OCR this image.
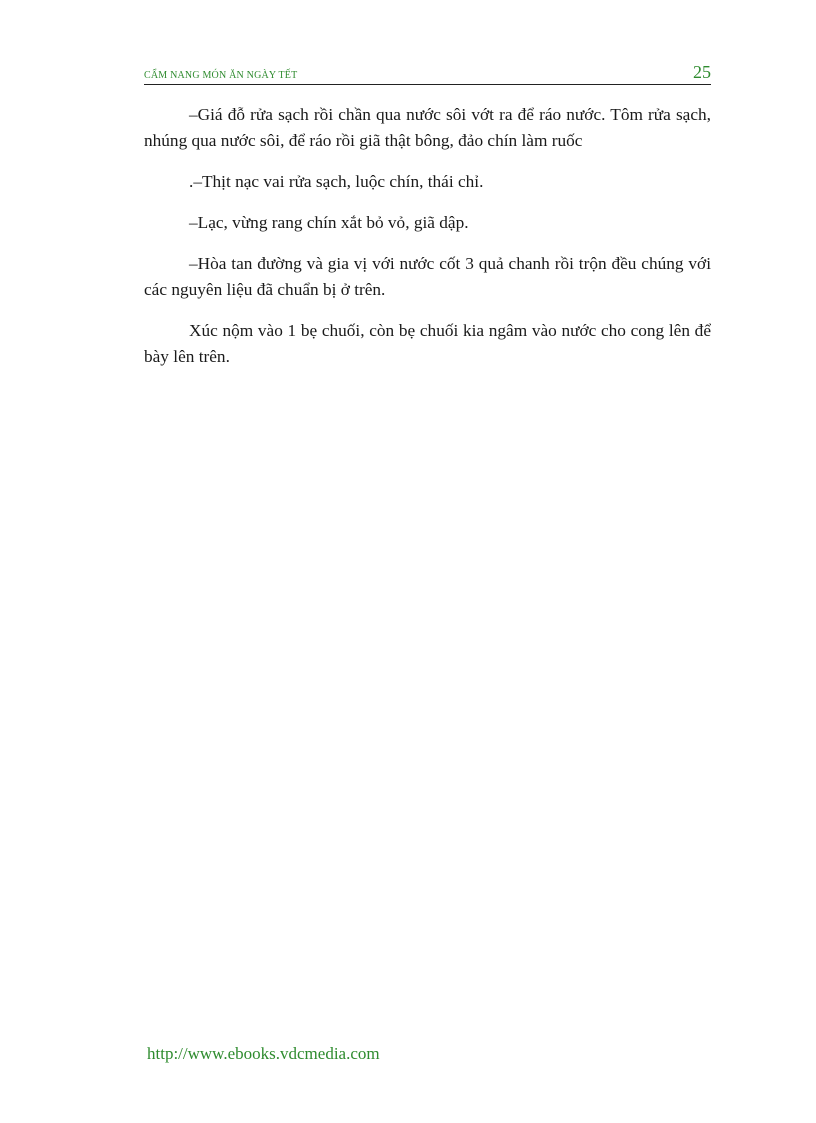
CẨM NANG MÓN ĂN NGÀY TẾT	25

–Giá đỗ rửa sạch rồi chần qua nước sôi vớt ra để ráo nước. Tôm rửa sạch, nhúng qua nước sôi, để ráo rồi giã thật bông, đảo chín làm ruốc

.–Thịt nạc vai rửa sạch, luộc chín, thái chỉ.

–Lạc, vừng rang chín xắt bỏ vỏ, giã dập.

–Hòa tan đường và gia vị với nước cốt 3 quả chanh rồi trộn đều chúng với các nguyên liệu đã chuẩn bị ở trên.

Xúc nộm vào 1 bẹ chuối, còn bẹ chuối kia ngâm vào nước cho cong lên để bày lên trên.

http://www.ebooks.vdcmedia.com
